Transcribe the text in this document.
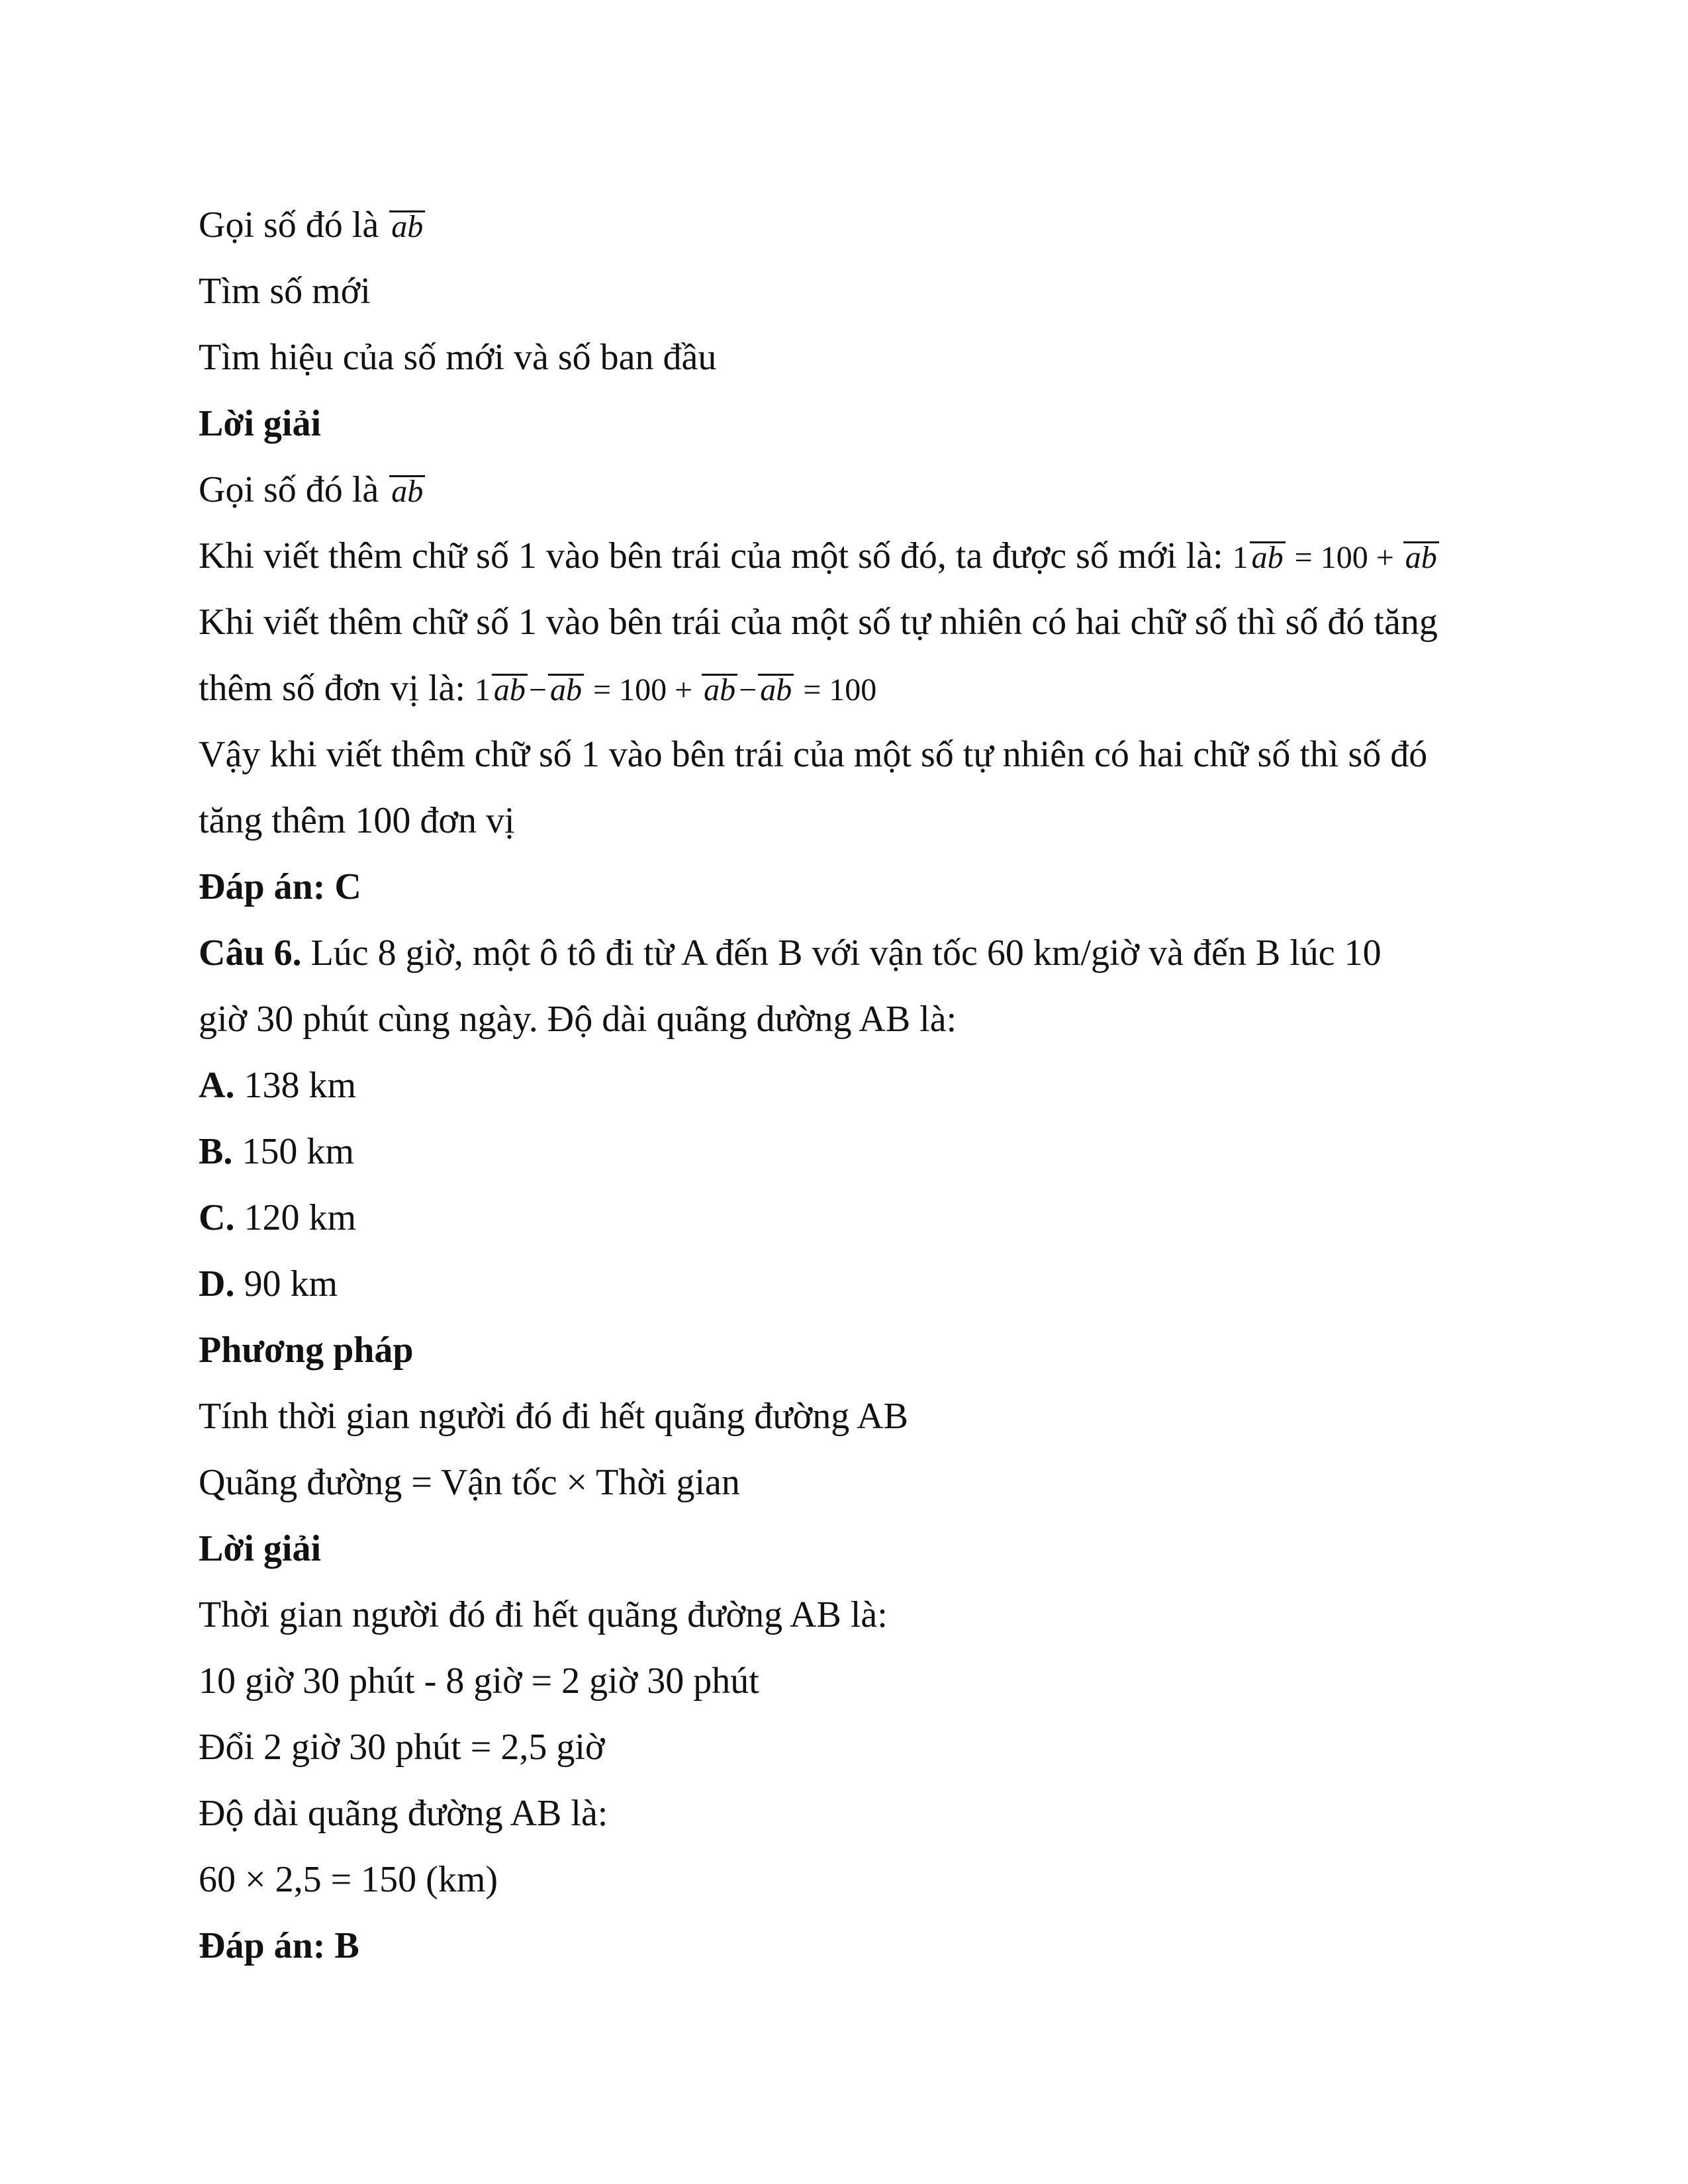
Gọi số đó là ab
Tìm số mới
Tìm hiệu của số mới và số ban đầu
Lời giải
Gọi số đó là ab
Khi viết thêm chữ số 1 vào bên trái của một số đó, ta được số mới là: 1 ab = 100 + ab
Khi viết thêm chữ số 1 vào bên trái của một số tự nhiên có hai chữ số thì số đó tăng
thêm số đơn vị là: 1 ab − ab = 100 + ab − ab = 100
Vậy khi viết thêm chữ số 1 vào bên trái của một số tự nhiên có hai chữ số thì số đó
tăng thêm 100 đơn vị
Đáp án: C
Câu 6. Lúc 8 giờ, một ô tô đi từ A đến B với vận tốc 60 km/giờ và đến B lúc 10
giờ 30 phút cùng ngày. Độ dài quãng dường AB là:
A. 138 km
B. 150 km
C. 120 km
D. 90 km
Phương pháp
Tính thời gian người đó đi hết quãng đường AB
Quãng đường = Vận tốc × Thời gian
Lời giải
Thời gian người đó đi hết quãng đường AB là:
10 giờ 30 phút - 8 giờ = 2 giờ 30 phút
Đổi 2 giờ 30 phút = 2,5 giờ
Độ dài quãng đường AB là:
60 × 2,5 = 150 (km)
Đáp án: B
